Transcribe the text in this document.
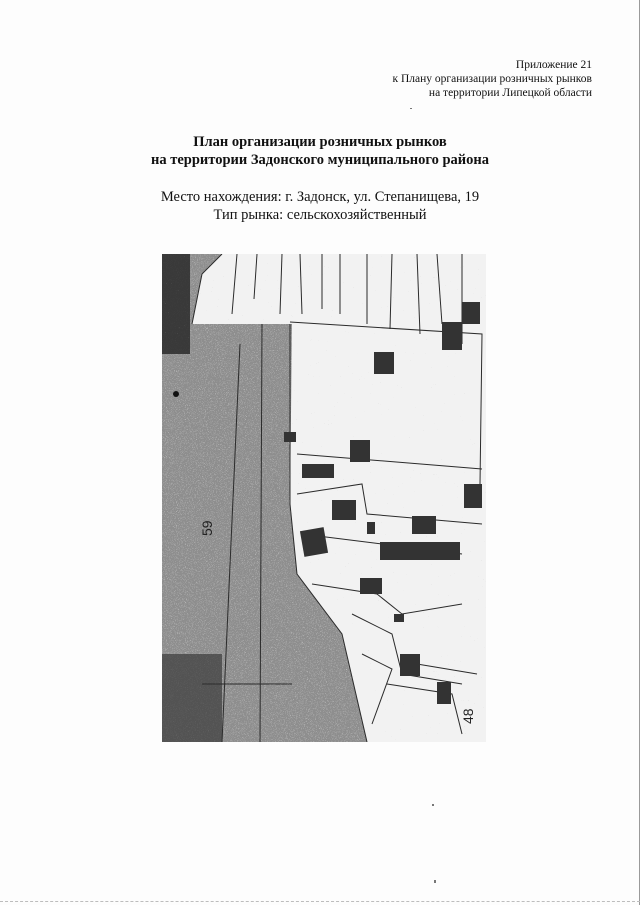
Приложение 21
к Плану организации розничных рынков
на территории Липецкой области
План организации розничных рынков
на территории Задонского муниципального района
Место нахождения: г. Задонск, ул. Степанищева, 19
Тип рынка: сельскохозяйственный
59
48
